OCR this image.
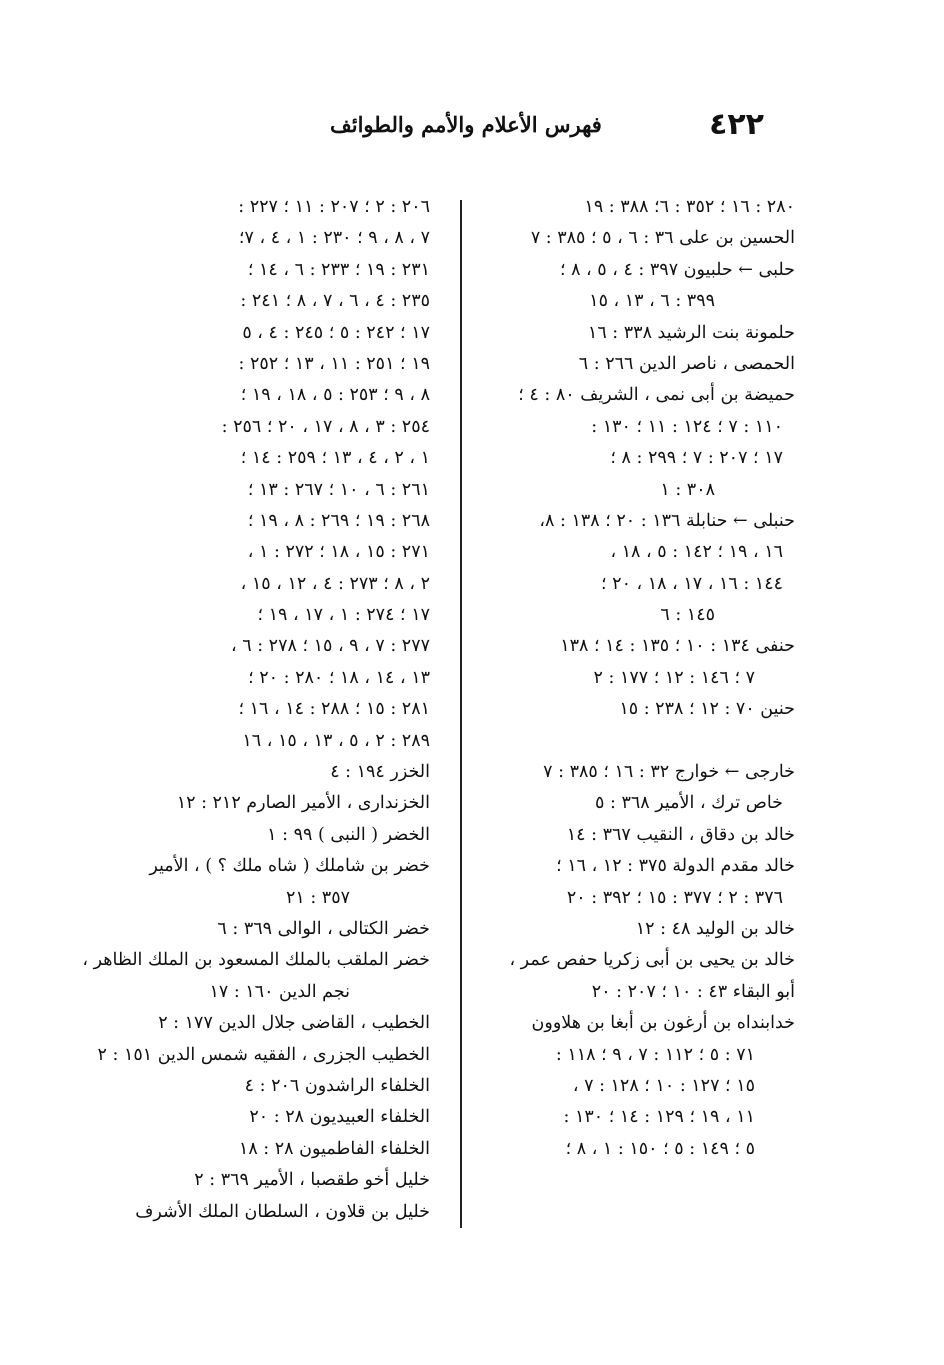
٤٢٢
فهرس الأعلام والأمم والطوائف
٢٨٠ : ١٦ ؛ ٣٥٢ : ٦؛ ٣٨٨ : ١٩
الحسين بن على ٣٦ : ٦ ، ٥ ؛ ٣٨٥ : ٧
حلبى ← حلبيون ٣٩٧ : ٤ ، ٥ ، ٨ ؛
٣٩٩ : ٦ ، ١٣ ، ١٥
حلمونة بنت الرشيد ٣٣٨ : ١٦
الحمصى ، ناصر الدين ٢٦٦ : ٦
حميضة بن أبى نمى ، الشريف ٨٠ : ٤ ؛
١١٠ : ٧ ؛ ١٢٤ : ١١ ؛ ١٣٠ :
١٧ ؛ ٢٠٧ : ٧ ؛ ٢٩٩ : ٨ ؛
٣٠٨ : ١
حنبلى ← حنابلة ١٣٦ : ٢٠ ؛ ١٣٨ : ٨،
١٦ ، ١٩ ؛ ١٤٢ : ٥ ، ١٨ ،
١٤٤ : ١٦ ، ١٧ ، ١٨ ، ٢٠ ؛
١٤٥ : ٦
حنفى ١٣٤ : ١٠ ؛ ١٣٥ : ١٤ ؛ ١٣٨
٧ ؛ ١٤٦ : ١٢ ؛ ١٧٧ : ٢
حنين ٧٠ : ١٢ ؛ ٢٣٨ : ١٥
خارجى ← خوارج ٣٢ : ١٦ ؛ ٣٨٥ : ٧
خاص ترك ، الأمير ٣٦٨ : ٥
خالد بن دقاق ، النقيب ٣٦٧ : ١٤
خالد مقدم الدولة ٣٧٥ : ١٢ ، ١٦ ؛
٣٧٦ : ٢ ؛ ٣٧٧ : ١٥ ؛ ٣٩٢ : ٢٠
خالد بن الوليد ٤٨ : ١٢
خالد بن يحيى بن أبى زكريا حفص عمر ،
أبو البقاء ٤٣ : ١٠ ؛ ٢٠٧ : ٢٠
خدابنداه بن أرغون بن أبغا بن هلاوون
٧١ : ٥ ؛ ١١٢ : ٧ ، ٩ ؛ ١١٨ :
١٥ ؛ ١٢٧ : ١٠ ؛ ١٢٨ : ٧ ،
١١ ، ١٩ ؛ ١٢٩ : ١٤ ؛ ١٣٠ :
٥ ؛ ١٤٩ : ٥ ؛ ١٥٠ : ١ ، ٨ ؛
٢٠٦ : ٢ ؛ ٢٠٧ : ١١ ؛ ٢٢٧ :
٧ ، ٨ ، ٩ ؛ ٢٣٠ : ١ ، ٤ ، ٧؛
٢٣١ : ١٩ ؛ ٢٣٣ : ٦ ، ١٤ ؛
٢٣٥ : ٤ ، ٦ ، ٧ ، ٨ ؛ ٢٤١ :
١٧ ؛ ٢٤٢ : ٥ ؛ ٢٤٥ : ٤ ، ٥
١٩ ؛ ٢٥١ : ١١ ، ١٣ ؛ ٢٥٢ :
٨ ، ٩ ؛ ٢٥٣ : ٥ ، ١٨ ، ١٩ ؛
٢٥٤ : ٣ ، ٨ ، ١٧ ، ٢٠ ؛ ٢٥٦ :
١ ، ٢ ، ٤ ، ١٣ ؛ ٢٥٩ : ١٤ ؛
٢٦١ : ٦ ، ١٠ ؛ ٢٦٧ : ١٣ ؛
٢٦٨ : ١٩ ؛ ٢٦٩ : ٨ ، ١٩ ؛
٢٧١ : ١٥ ، ١٨ ؛ ٢٧٢ : ١ ،
٢ ، ٨ ؛ ٢٧٣ : ٤ ، ١٢ ، ١٥ ،
١٧ ؛ ٢٧٤ : ١ ، ١٧ ، ١٩ ؛
٢٧٧ : ٧ ، ٩ ، ١٥ ؛ ٢٧٨ : ٦ ،
١٣ ، ١٤ ، ١٨ ؛ ٢٨٠ : ٢٠ ؛
٢٨١ : ١٥ ؛ ٢٨٨ : ١٤ ، ١٦ ؛
٢٨٩ : ٢ ، ٥ ، ١٣ ، ١٥ ، ١٦
الخزر ١٩٤ : ٤
الخزندارى ، الأمير الصارم ٢١٢ : ١٢
الخضر ( النبى ) ٩٩ : ١
خضر بن شاملك ( شاه ملك ؟ ) ، الأمير
٣٥٧ : ٢١
خضر الكتالى ، الوالى ٣٦٩ : ٦
خضر الملقب بالملك المسعود بن الملك الظاهر ،
نجم الدين ١٦٠ : ١٧
الخطيب ، القاضى جلال الدين ١٧٧ : ٢
الخطيب الجزرى ، الفقيه شمس الدين ١٥١ : ٢
الخلفاء الراشدون ٢٠٦ : ٤
الخلفاء العبيديون ٢٨ : ٢٠
الخلفاء الفاطميون ٢٨ : ١٨
خليل أخو طقصبا ، الأمير ٣٦٩ : ٢
خليل بن قلاون ، السلطان الملك الأشرف
